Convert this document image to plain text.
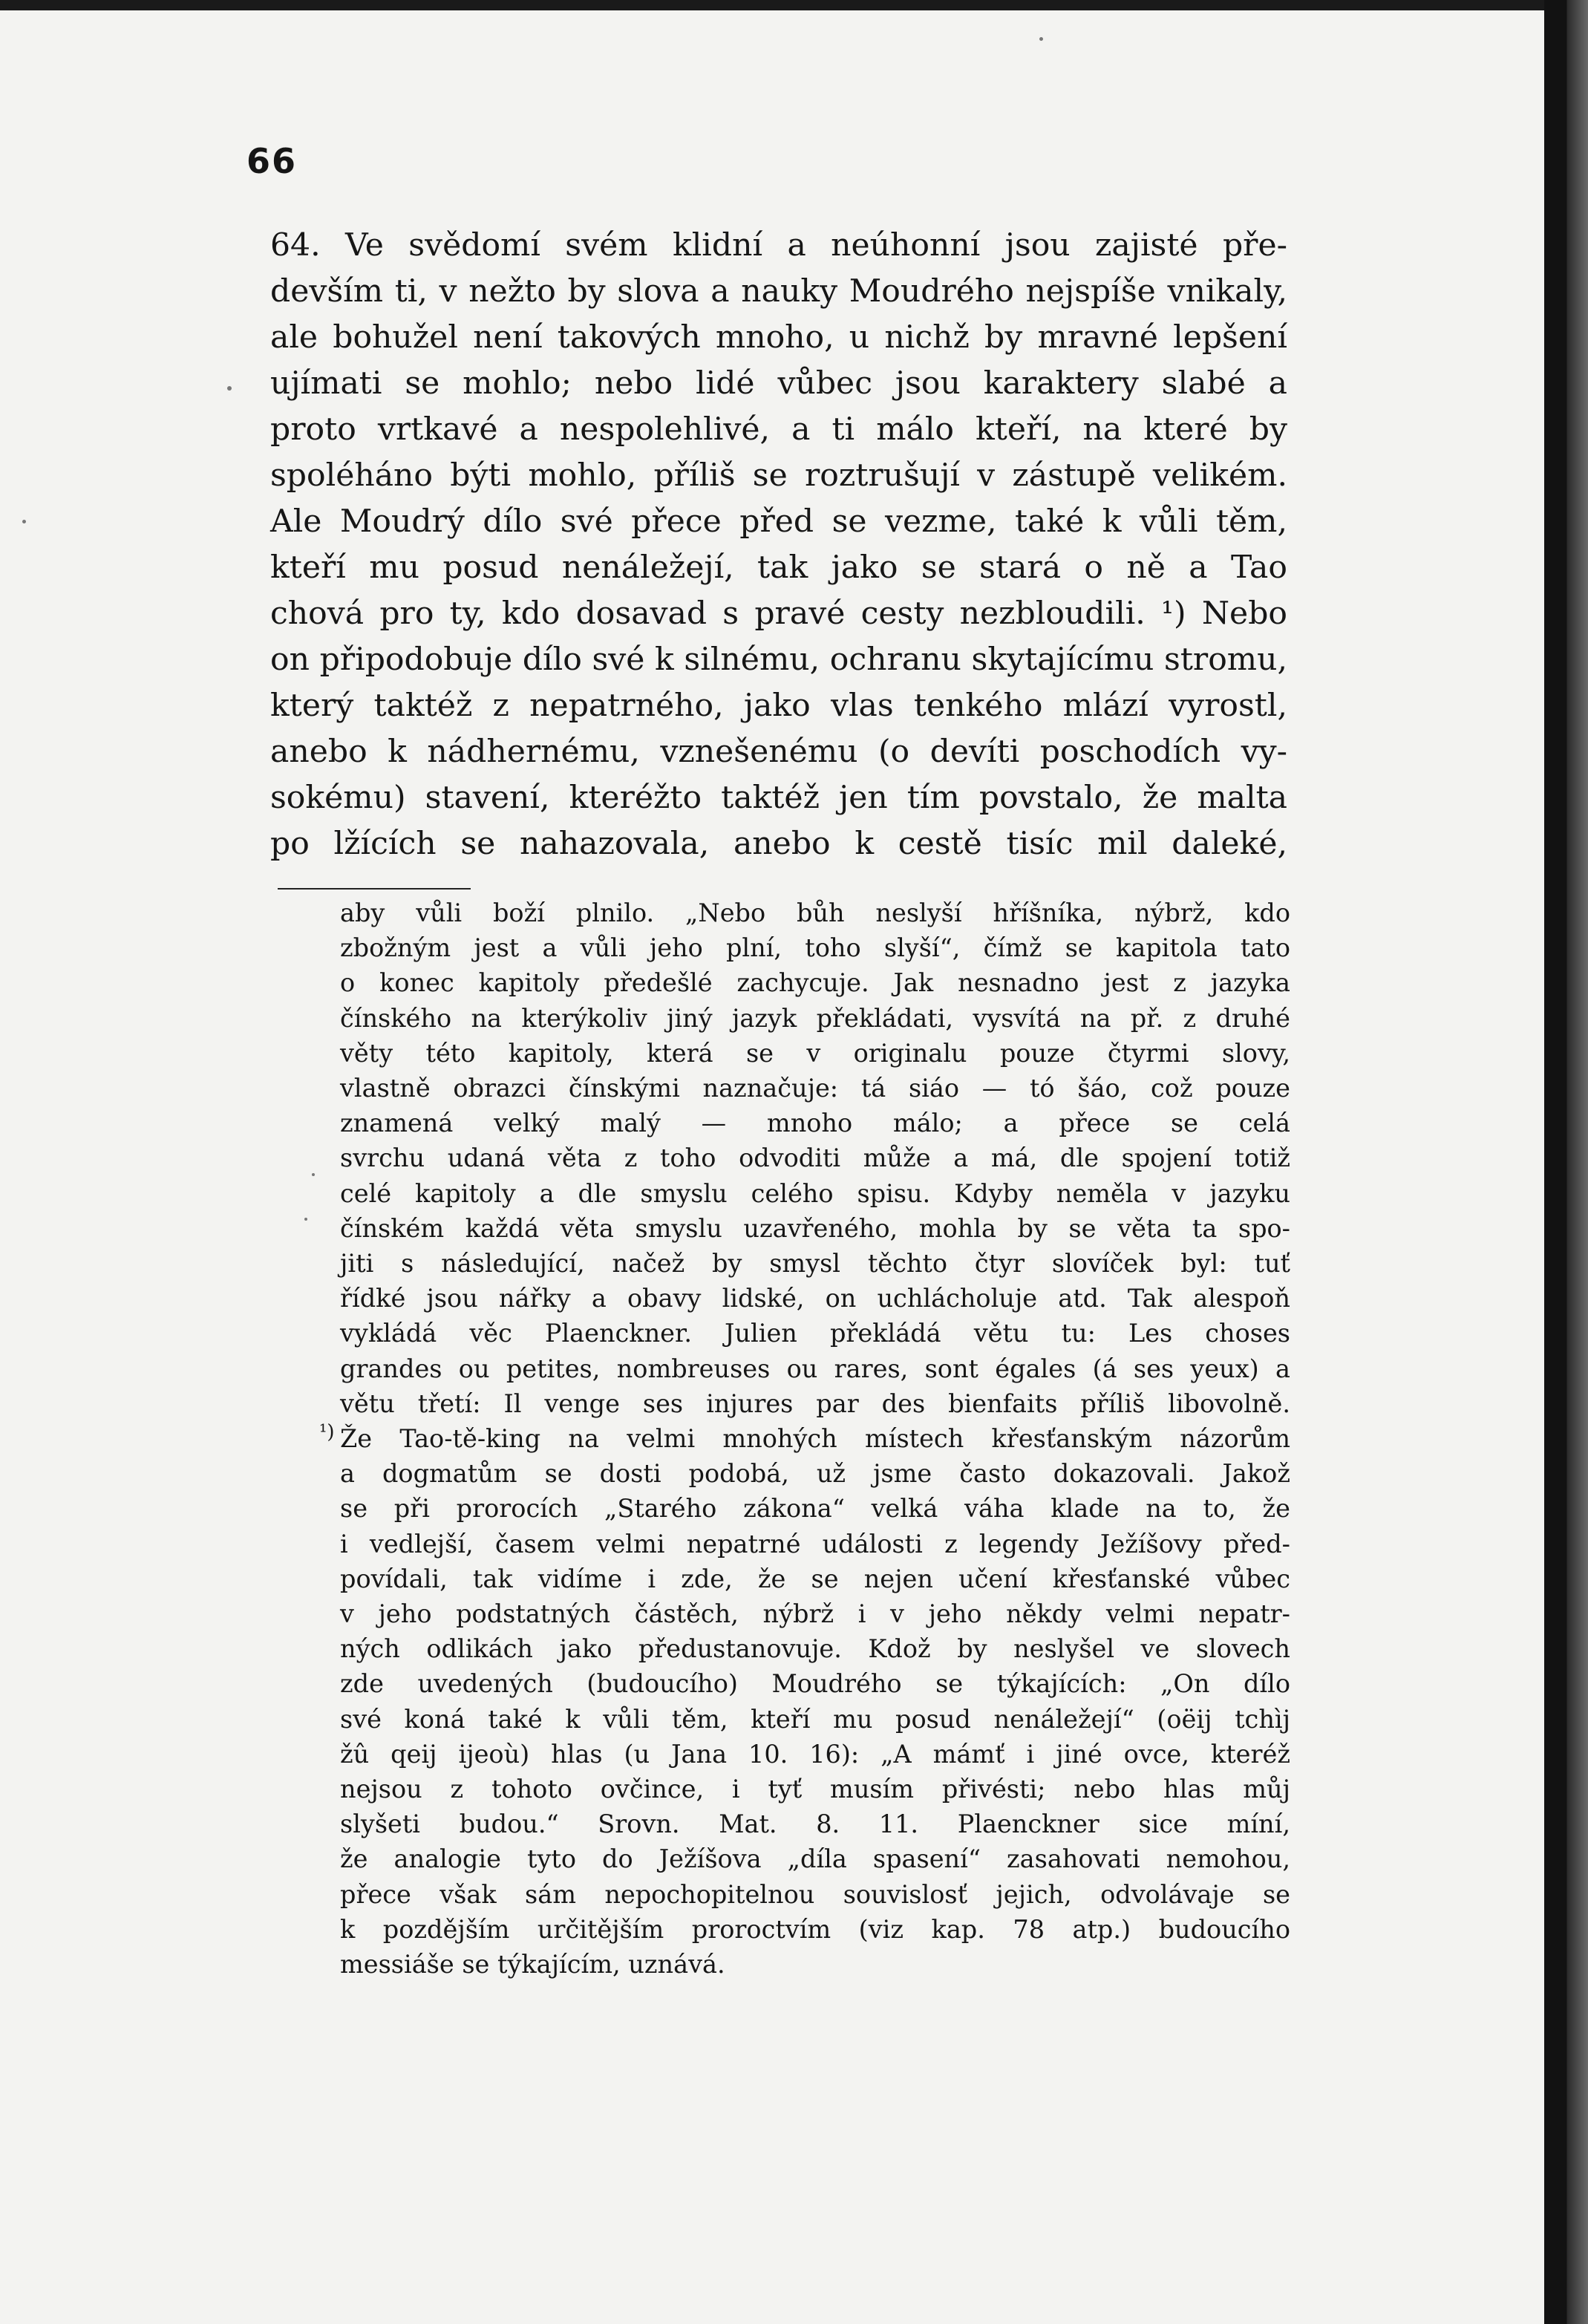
66
64. Ve svědomí svém klidní a neúhonní jsou zajisté pře-
devším ti, v nežto by slova a nauky Moudrého nejspíše vnikaly,
ale bohužel není takových mnoho, u nichž by mravné lepšení
ujímati se mohlo; nebo lidé vůbec jsou karaktery slabé a
proto vrtkavé a nespolehlivé, a ti málo kteří, na které by
spoléháno býti mohlo, příliš se roztrušují v zástupě velikém.
Ale Moudrý dílo své přece před se vezme, také k vůli těm,
kteří mu posud nenáležejí, tak jako se stará o ně a Tao
chová pro ty, kdo dosavad s pravé cesty nezbloudili. ¹) Nebo
on připodobuje dílo své k silnému, ochranu skytajícímu stromu,
který taktéž z nepatrného, jako vlas tenkého mlází vyrostl,
anebo k nádhernému, vznešenému (o devíti poschodích vy-
sokému) stavení, kteréžto taktéž jen tím povstalo, že malta
po lžících se nahazovala, anebo k cestě tisíc mil daleké,
aby vůli boží plnilo. „Nebo bůh neslyší hříšníka, nýbrž, kdo
zbožným jest a vůli jeho plní, toho slyší“, čímž se kapitola tato
o konec kapitoly předešlé zachycuje. Jak nesnadno jest z jazyka
čínského na kterýkoliv jiný jazyk překládati, vysvítá na př. z druhé
věty této kapitoly, která se v originalu pouze čtyrmi slovy,
vlastně obrazci čínskými naznačuje: tá siáo — tó šáo, což pouze
znamená velký malý — mnoho málo; a přece se celá
svrchu udaná věta z toho odvoditi může a má, dle spojení totiž
celé kapitoly a dle smyslu celého spisu. Kdyby neměla v jazyku
čínském každá věta smyslu uzavřeného, mohla by se věta ta spo-
jiti s následující, načež by smysl těchto čtyr slovíček byl: tuť
řídké jsou nářky a obavy lidské, on uchlácholuje atd. Tak alespoň
vykládá věc Plaenckner. Julien překládá větu tu: Les choses
grandes ou petites, nombreuses ou rares, sont égales (á ses yeux) a
větu třetí: Il venge ses injures par des bienfaits příliš libovolně.
¹) Že Tao-tě-king na velmi mnohých místech křesťanským názorům
a dogmatům se dosti podobá, už jsme často dokazovali. Jakož
se při prorocích „Starého zákona“ velká váha klade na to, že
i vedlejší, časem velmi nepatrné události z legendy Ježíšovy před-
povídali, tak vidíme i zde, že se nejen učení křesťanské vůbec
v jeho podstatných částěch, nýbrž i v jeho někdy velmi nepatr-
ných odlikách jako předustanovuje. Kdož by neslyšel ve slovech
zde uvedených (budoucího) Moudrého se týkajících: „On dílo
své koná také k vůli těm, kteří mu posud nenáležejí“ (oëij tchìj
žû qeij ijeoù) hlas (u Jana 10. 16): „A mámť i jiné ovce, kteréž
nejsou z tohoto ovčince, i tyť musím přivésti; nebo hlas můj
slyšeti budou.“ Srovn. Mat. 8. 11. Plaenckner sice míní,
že analogie tyto do Ježíšova „díla spasení“ zasahovati nemohou,
přece však sám nepochopitelnou souvislosť jejich, odvolávaje se
k pozdějším určitějším proroctvím (viz kap. 78 atp.) budoucího
messiáše se týkajícím, uznává.
